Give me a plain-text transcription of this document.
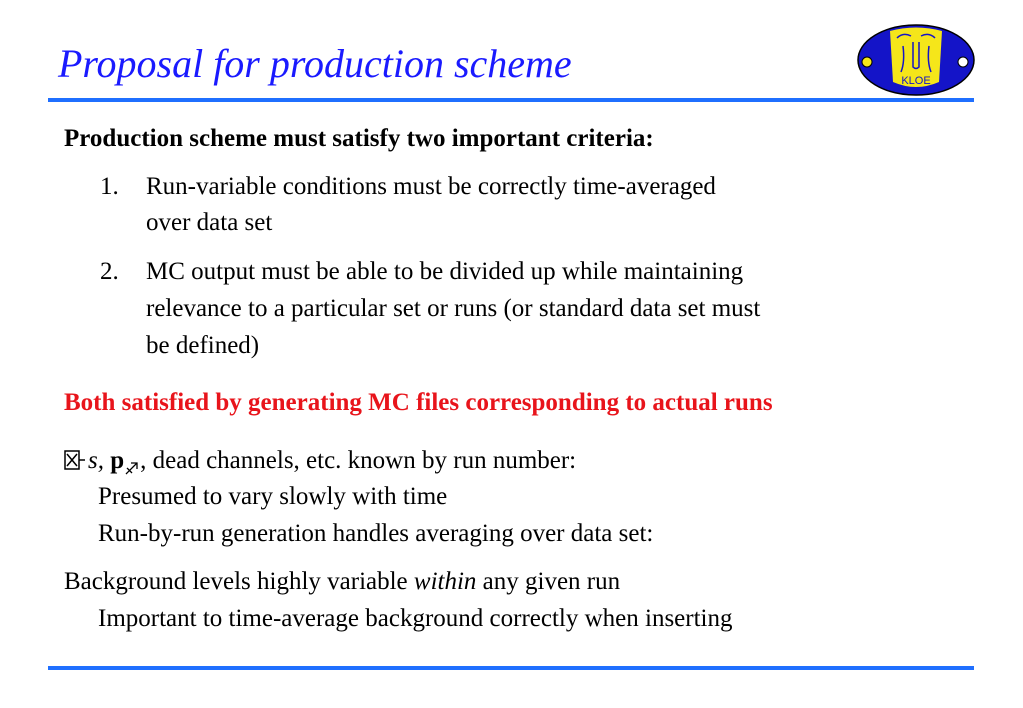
Proposal for production scheme	KLOE
Production scheme must satisfy two important criteria:
1. Run-variable conditions must be correctly time-averaged
over data set
2. MC output must be able to be divided up while maintaining
relevance to a particular set or runs (or standard data set must
be defined)
Both satisfied by generating MC files corresponding to actual runs
s, p , dead channels, etc. known by run number:
Presumed to vary slowly with time
Run-by-run generation handles averaging over data set:
Background levels highly variable within any given run
Important to time-average background correctly when inserting
